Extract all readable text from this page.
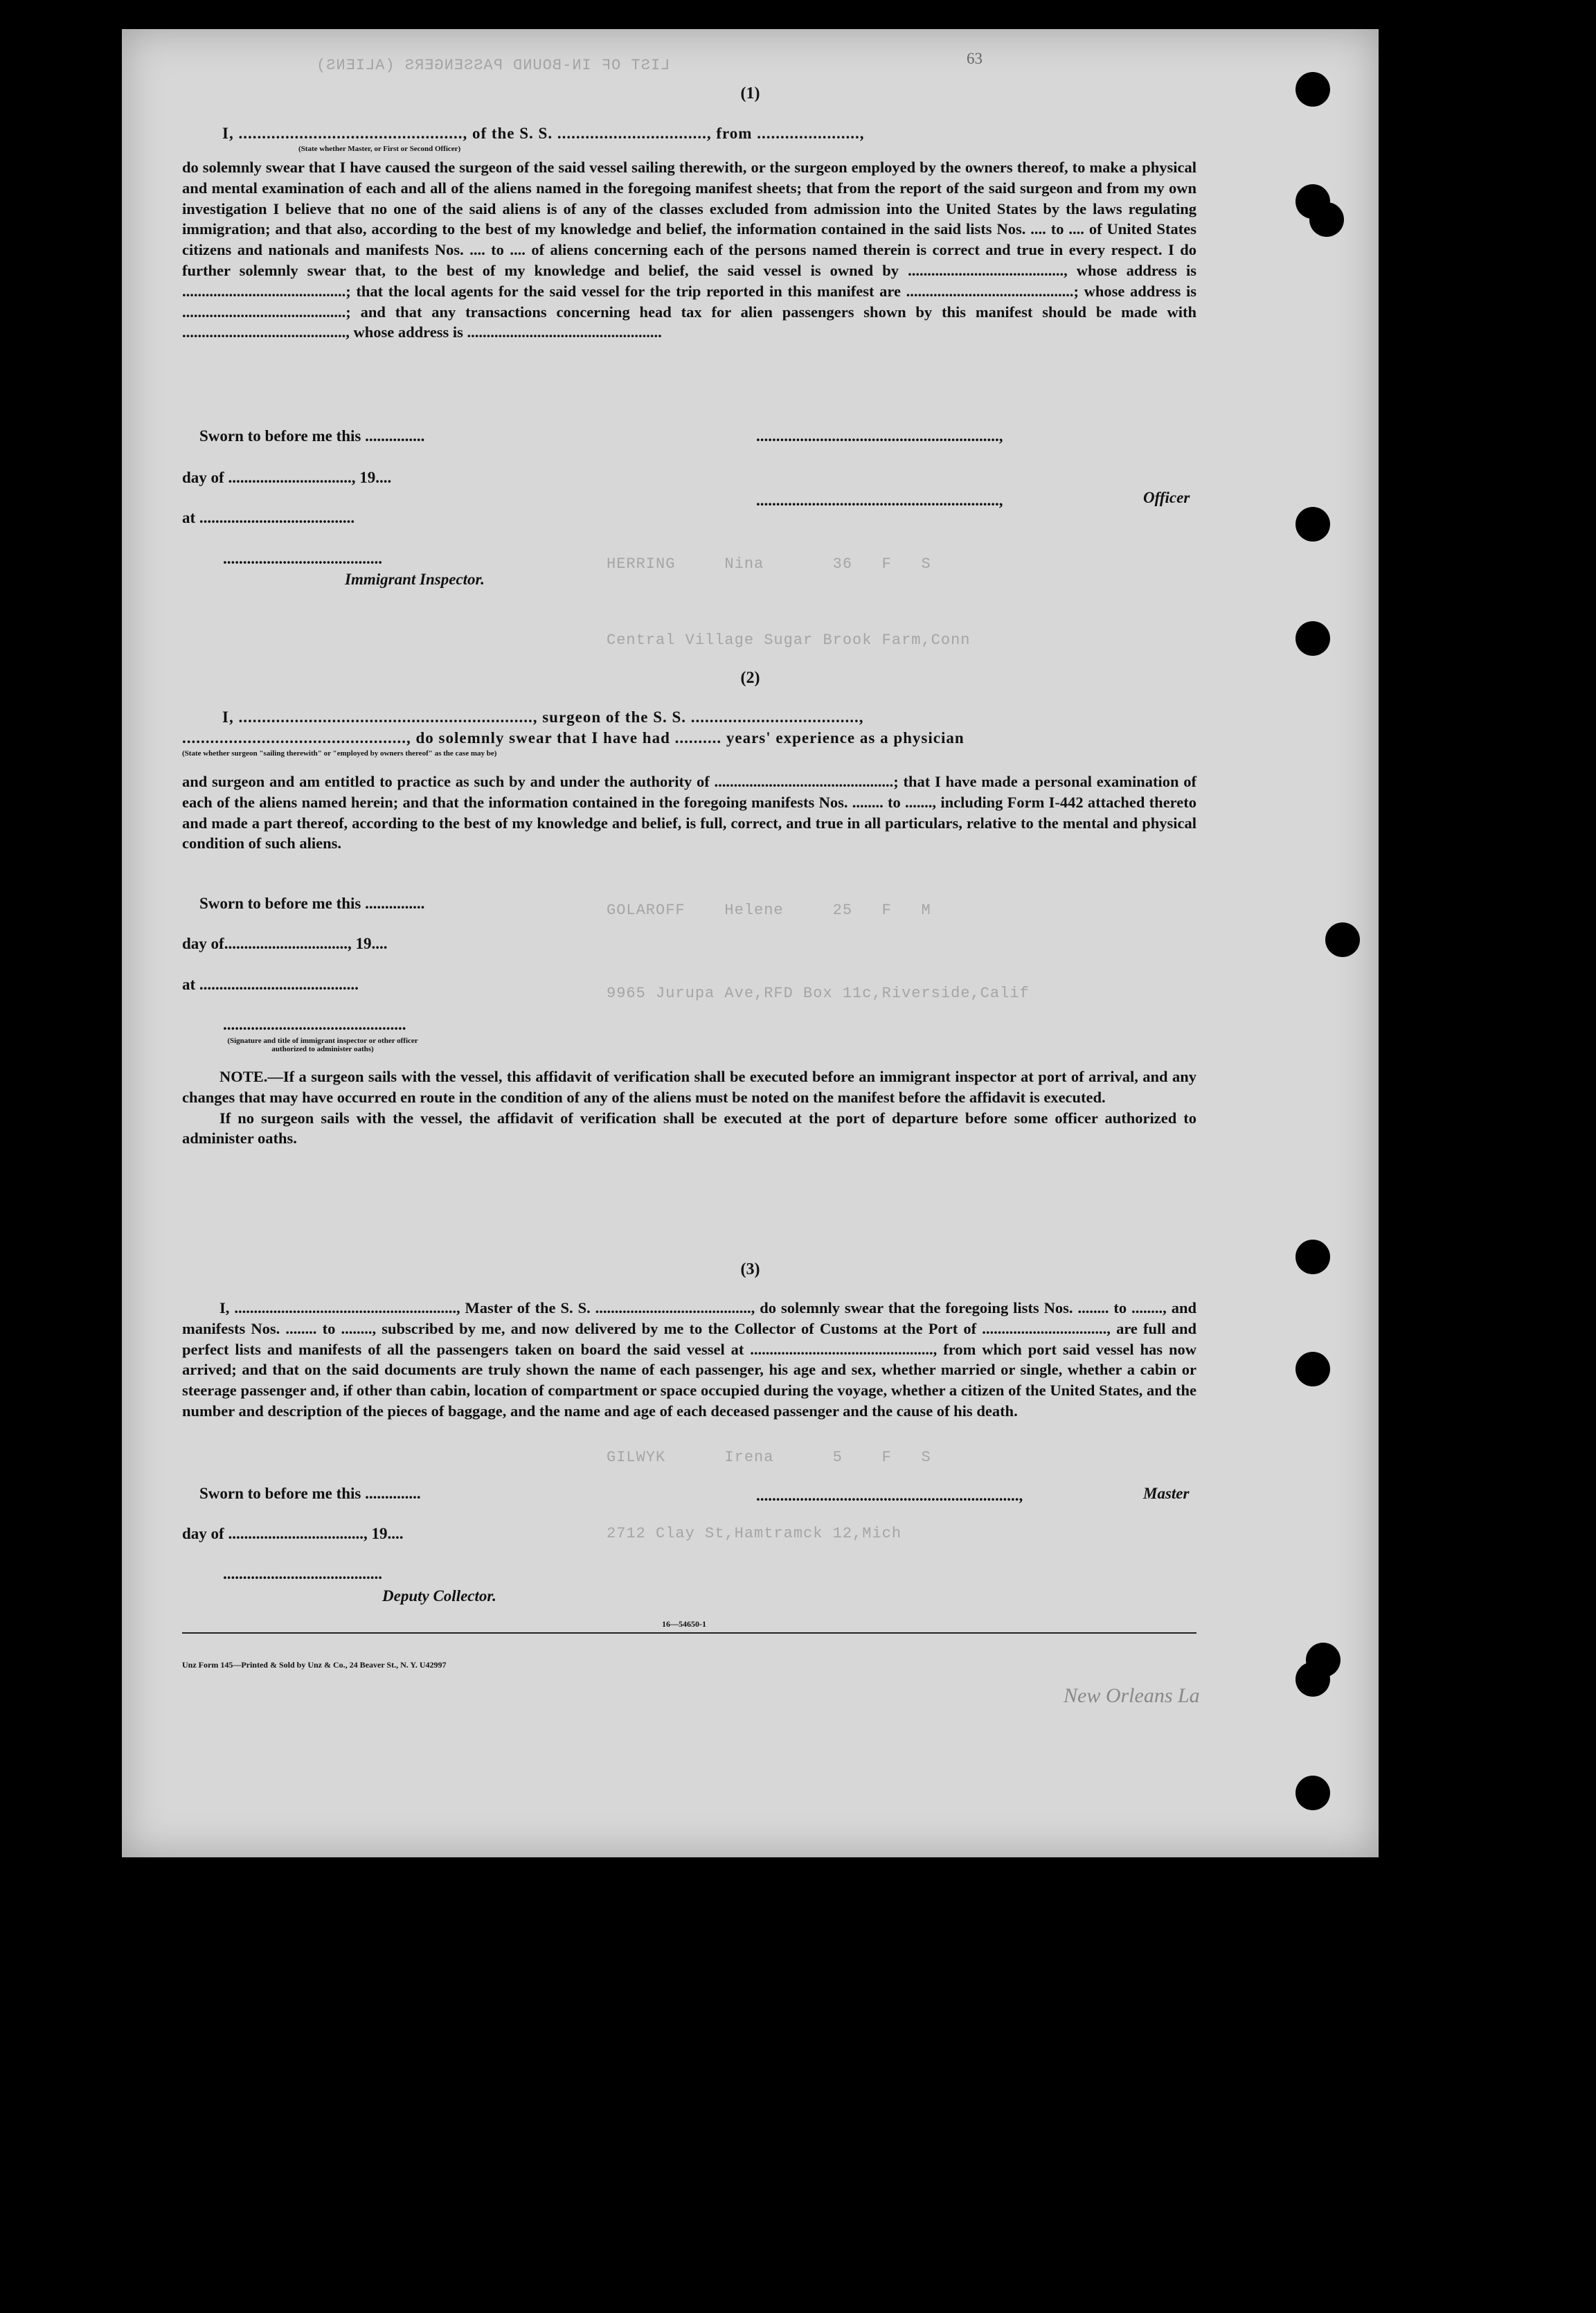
LIST OF IN-BOUND PASSENGERS (ALIENS)
HERRING     Nina       36   F   S
Central Village Sugar Brook Farm,Conn
GOLAROFF    Helene     25   F   M
9965 Jurupa Ave,RFD Box 11c,Riverside,Calif
GILWYK      Irena      5    F   S
2712 Clay St,Hamtramck 12,Mich
63
(1)
I, ................................................, of the S. S. ................................, from ......................,
(State whether Master, or First or Second Officer)

do solemnly swear that I have caused the surgeon of the said vessel sailing therewith, or the surgeon employed by the owners thereof, to make a physical and mental examination of each and all of the aliens named in the foregoing manifest sheets; that from the report of the said surgeon and from my own investigation I believe that no one of the said aliens is of any of the classes excluded from admission into the United States by the laws regulating immigration; and that also, according to the best of my knowledge and belief, the information contained in the said lists Nos. .... to .... of United States citizens and nationals and manifests Nos. .... to .... of aliens concerning each of the persons named therein is correct and true in every respect. I do further solemnly swear that, to the best of my knowledge and belief, the said vessel is owned by ........................................, whose address is ..........................................; that the local agents for the said vessel for the trip reported in this manifest are ...........................................; whose address is ..........................................; and that any transactions concerning head tax for alien passengers shown by this manifest should be made with .........................................., whose address is ..................................................

Sworn to before me this ...............
day of ..............................., 19....
at .......................................
........................................
Immigrant Inspector.
.............................................................,
.............................................................,	Officer
(2)
I, ..............................................................., surgeon of the S. S. ....................................,
................................................, do solemnly swear that I have had .......... years' experience as a physician
(State whether surgeon "sailing therewith" or "employed by owners thereof" as the case may be)

and surgeon and am entitled to practice as such by and under the authority of ..............................................; that I have made a personal examination of each of the aliens named herein; and that the information contained in the foregoing manifests Nos. ........ to ......., including Form I-442 attached thereto and made a part thereof, according to the best of my knowledge and belief, is full, correct, and true in all particulars, relative to the mental and physical condition of such aliens.

Sworn to before me this ...............
day of..............................., 19....
at ........................................
..............................................
(Signature and title of immigrant inspector or other officer authorized to administer oaths)

NOTE.—If a surgeon sails with the vessel, this affidavit of verification shall be executed before an immigrant inspector at port of arrival, and any changes that may have occurred en route in the condition of any of the aliens must be noted on the manifest before the affidavit is executed.

If no surgeon sails with the vessel, the affidavit of verification shall be executed at the port of departure before some officer authorized to administer oaths.

(3)

I, ........................................................., Master of the S. S. ........................................, do solemnly swear that the foregoing lists Nos. ........ to ........, and manifests Nos. ........ to ........, subscribed by me, and now delivered by me to the Collector of Customs at the Port of ................................, are full and perfect lists and manifests of all the passengers taken on board the said vessel at ..............................................., from which port said vessel has now arrived; and that on the said documents are truly shown the name of each passenger, his age and sex, whether married or single, whether a cabin or steerage passenger and, if other than cabin, location of compartment or space occupied during the voyage, whether a citizen of the United States, and the number and description of the pieces of baggage, and the name and age of each deceased passenger and the cause of his death.

Sworn to before me this ..............
day of .................................., 19....
........................................
Deputy Collector.
..................................................................,	Master
16—54650-1
Unz Form 145—Printed & Sold by Unz & Co., 24 Beaver St., N. Y. U42997
New Orleans La
